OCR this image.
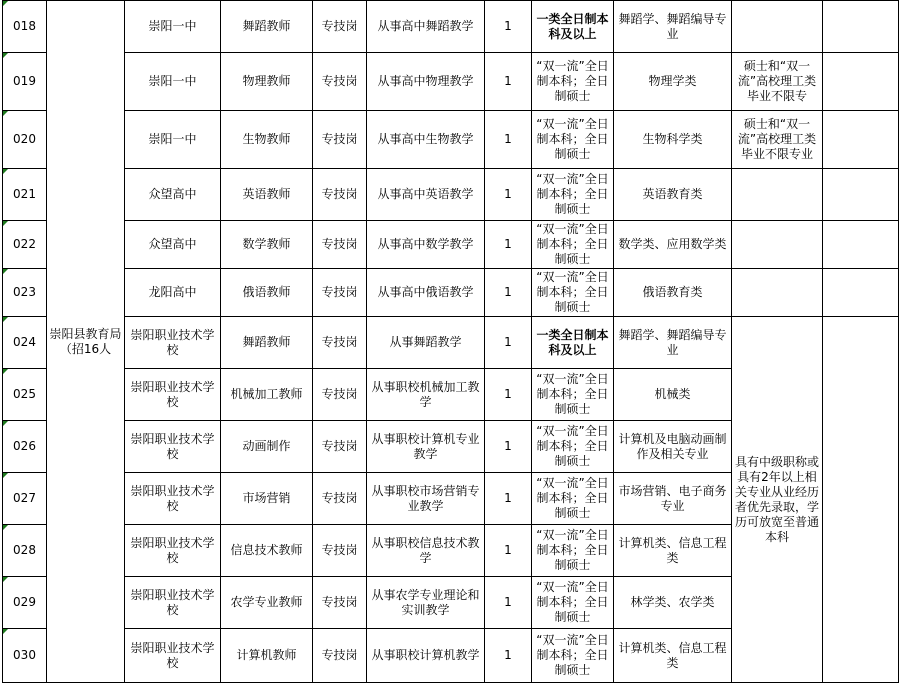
018	崇阳县教育局（招16人	崇阳一中	舞蹈教师	专技岗	从事高中舞蹈教学	1	一类全日制本科及以上	舞蹈学、舞蹈编导专业		
019		崇阳一中	物理教师	专技岗	从事高中物理教学	1	“双一流”全日制本科；全日制硕士	物理学类	硕士和“双一流”高校理工类毕业不限专	
020		崇阳一中	生物教师	专技岗	从事高中生物教学	1	“双一流”全日制本科；全日制硕士	生物科学类	硕士和“双一流”高校理工类毕业不限专业	
021		众望高中	英语教师	专技岗	从事高中英语教学	1	“双一流”全日制本科；全日制硕士	英语教育类		
022		众望高中	数学教师	专技岗	从事高中数学教学	1	“双一流”全日制本科；全日制硕士	数学类、应用数学类		
023		龙阳高中	俄语教师	专技岗	从事高中俄语教学	1	“双一流”全日制本科；全日制硕士	俄语教育类		
024		崇阳职业技术学校	舞蹈教师	专技岗	从事舞蹈教学	1	一类全日制本科及以上	舞蹈学、舞蹈编导专业	具有中级职称或具有2年以上相关专业从业经历者优先录取，学历可放宽至普通本科	
025		崇阳职业技术学校	机械加工教师	专技岗	从事职校机械加工教学	1	“双一流”全日制本科；全日制硕士	机械类		
026		崇阳职业技术学校	动画制作	专技岗	从事职校计算机专业教学	1	“双一流”全日制本科；全日制硕士	计算机及电脑动画制作及相关专业		
027		崇阳职业技术学校	市场营销	专技岗	从事职校市场营销专业教学	1	“双一流”全日制本科；全日制硕士	市场营销、电子商务专业		
028		崇阳职业技术学校	信息技术教师	专技岗	从事职校信息技术教学	1	“双一流”全日制本科；全日制硕士	计算机类、信息工程类		
029		崇阳职业技术学校	农学专业教师	专技岗	从事农学专业理论和实训教学	1	“双一流”全日制本科；全日制硕士	林学类、农学类		
030		崇阳职业技术学校	计算机教师	专技岗	从事职校计算机教学	1	“双一流”全日制本科；全日制硕士	计算机类、信息工程类		
